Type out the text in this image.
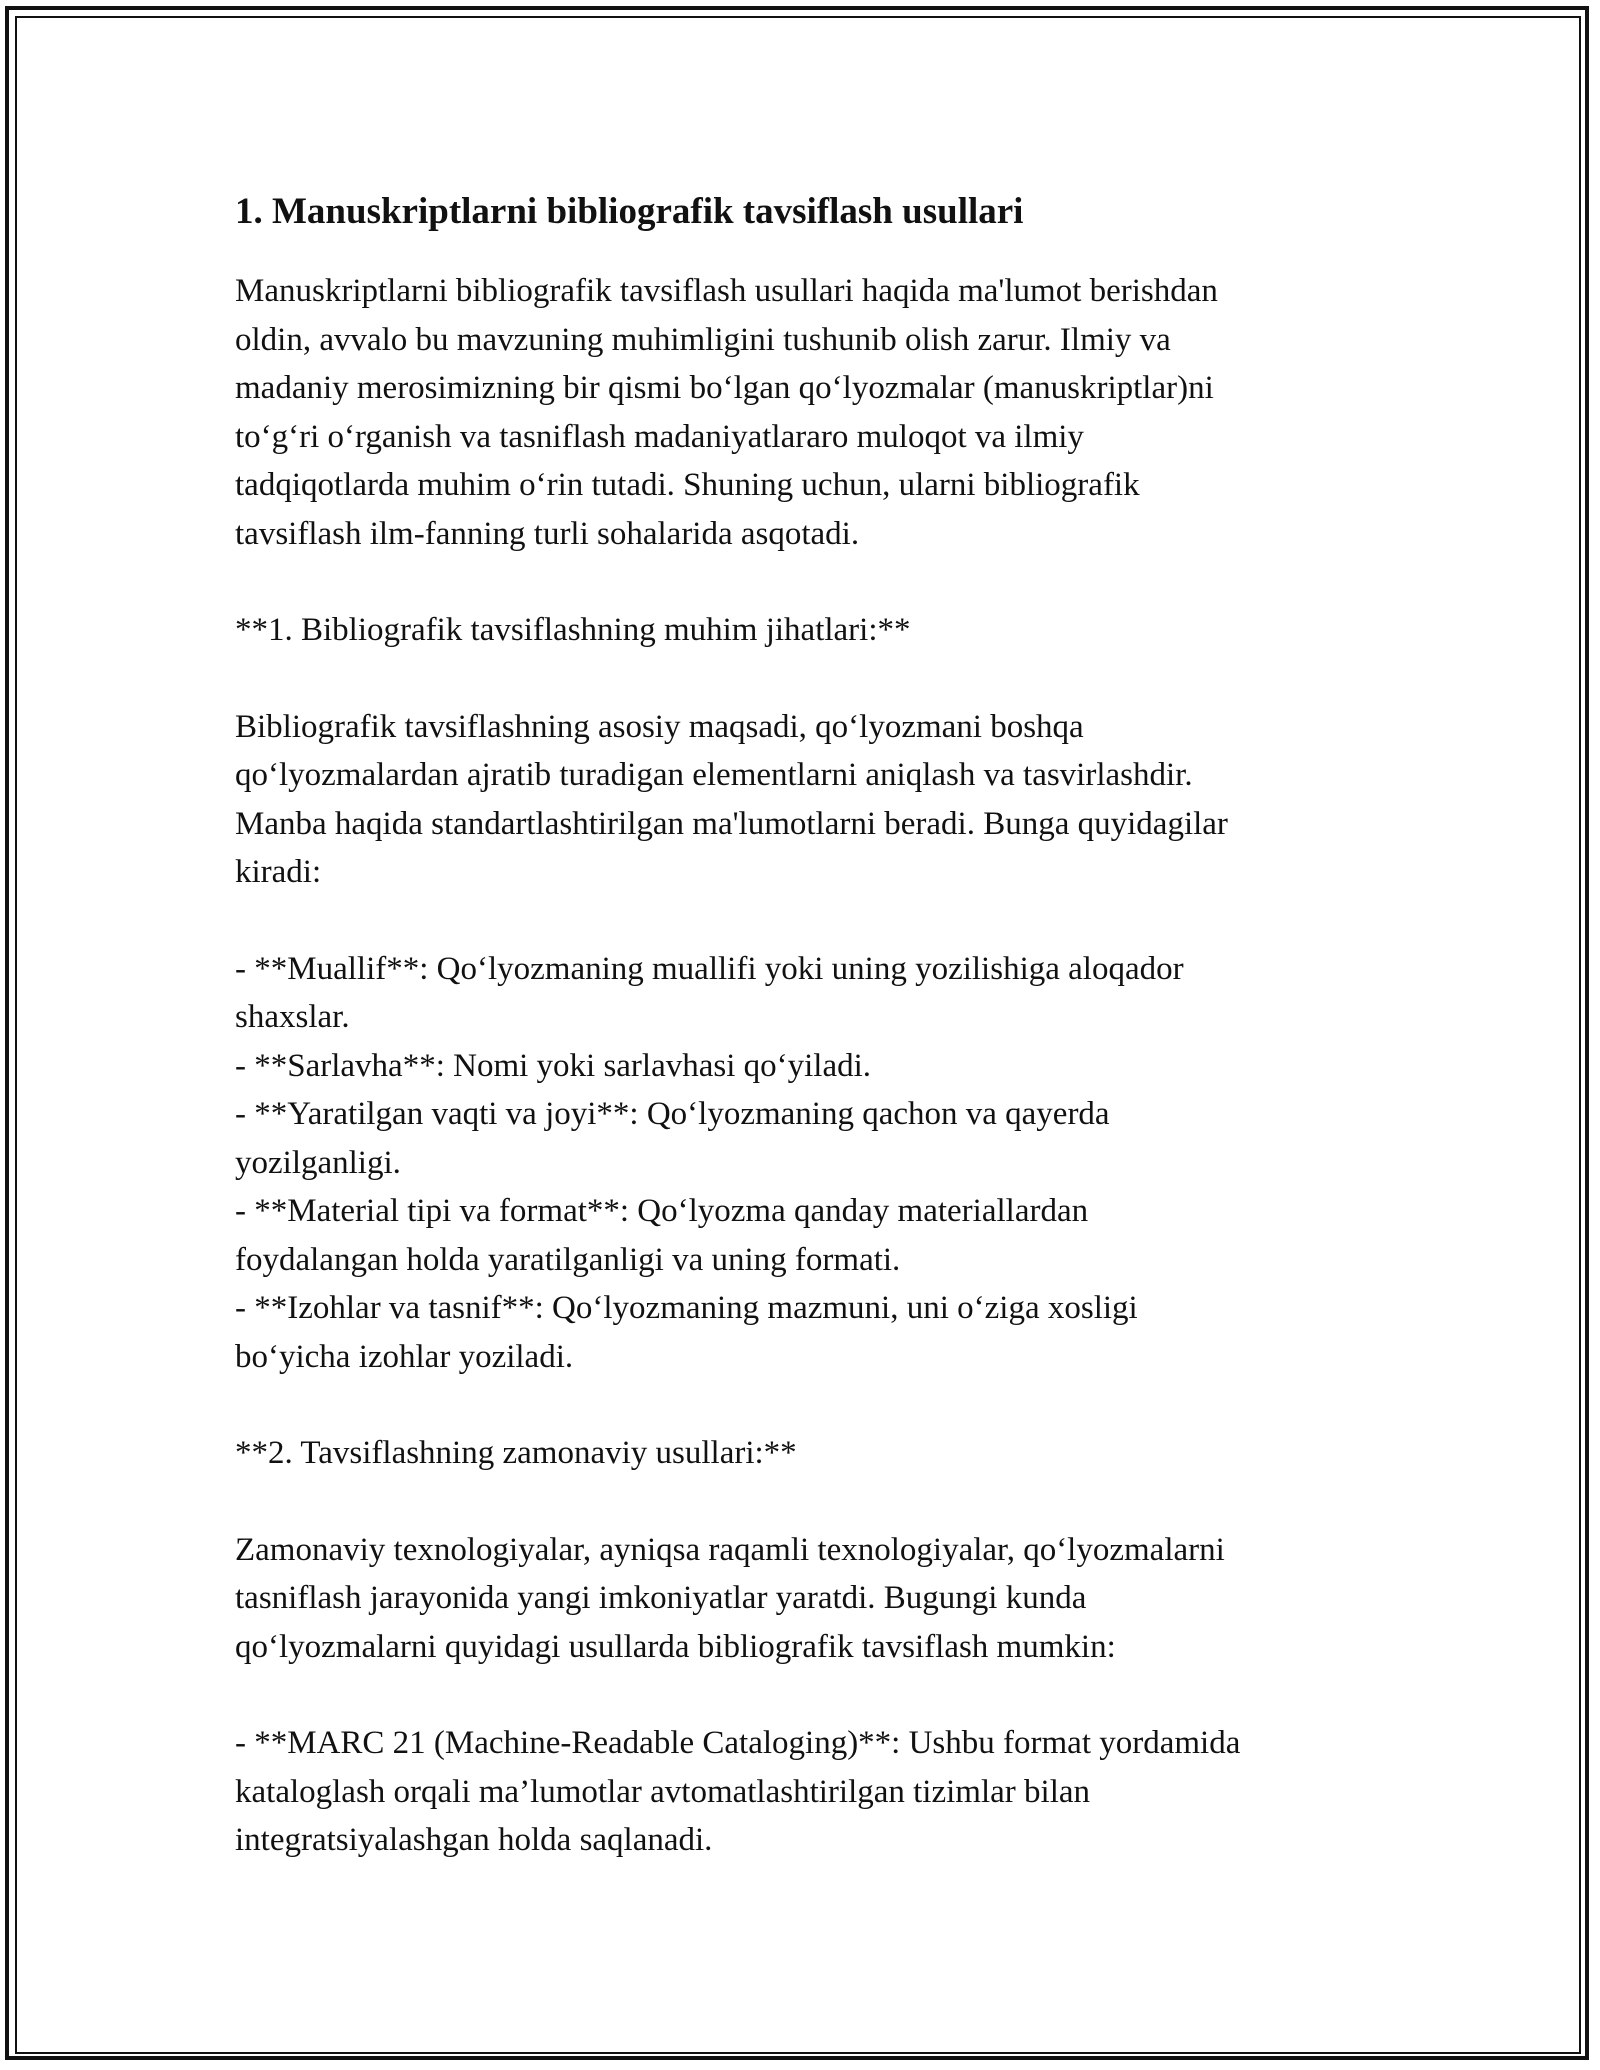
1. Manuskriptlarni bibliografik tavsiflash usullari

Manuskriptlarni bibliografik tavsiflash usullari haqida ma'lumot berishdan

oldin, avvalo bu mavzuning muhimligini tushunib olish zarur. Ilmiy va

madaniy merosimizning bir qismi bo‘lgan qo‘lyozmalar (manuskriptlar)ni

to‘g‘ri o‘rganish va tasniflash madaniyatlararo muloqot va ilmiy

tadqiqotlarda muhim o‘rin tutadi. Shuning uchun, ularni bibliografik

tavsiflash ilm-fanning turli sohalarida asqotadi.

**1. Bibliografik tavsiflashning muhim jihatlari:**

Bibliografik tavsiflashning asosiy maqsadi, qo‘lyozmani boshqa

qo‘lyozmalardan ajratib turadigan elementlarni aniqlash va tasvirlashdir.

Manba haqida standartlashtirilgan ma'lumotlarni beradi. Bunga quyidagilar

kiradi:

- **Muallif**: Qo‘lyozmaning muallifi yoki uning yozilishiga aloqador

shaxslar.

- **Sarlavha**: Nomi yoki sarlavhasi qo‘yiladi.

- **Yaratilgan vaqti va joyi**: Qo‘lyozmaning qachon va qayerda

yozilganligi.

- **Material tipi va format**: Qo‘lyozma qanday materiallardan

foydalangan holda yaratilganligi va uning formati.

- **Izohlar va tasnif**: Qo‘lyozmaning mazmuni, uni o‘ziga xosligi

bo‘yicha izohlar yoziladi.

**2. Tavsiflashning zamonaviy usullari:**

Zamonaviy texnologiyalar, ayniqsa raqamli texnologiyalar, qo‘lyozmalarni

tasniflash jarayonida yangi imkoniyatlar yaratdi. Bugungi kunda

qo‘lyozmalarni quyidagi usullarda bibliografik tavsiflash mumkin:

- **MARC 21 (Machine-Readable Cataloging)**: Ushbu format yordamida

kataloglash orqali ma’lumotlar avtomatlashtirilgan tizimlar bilan

integratsiyalashgan holda saqlanadi.
